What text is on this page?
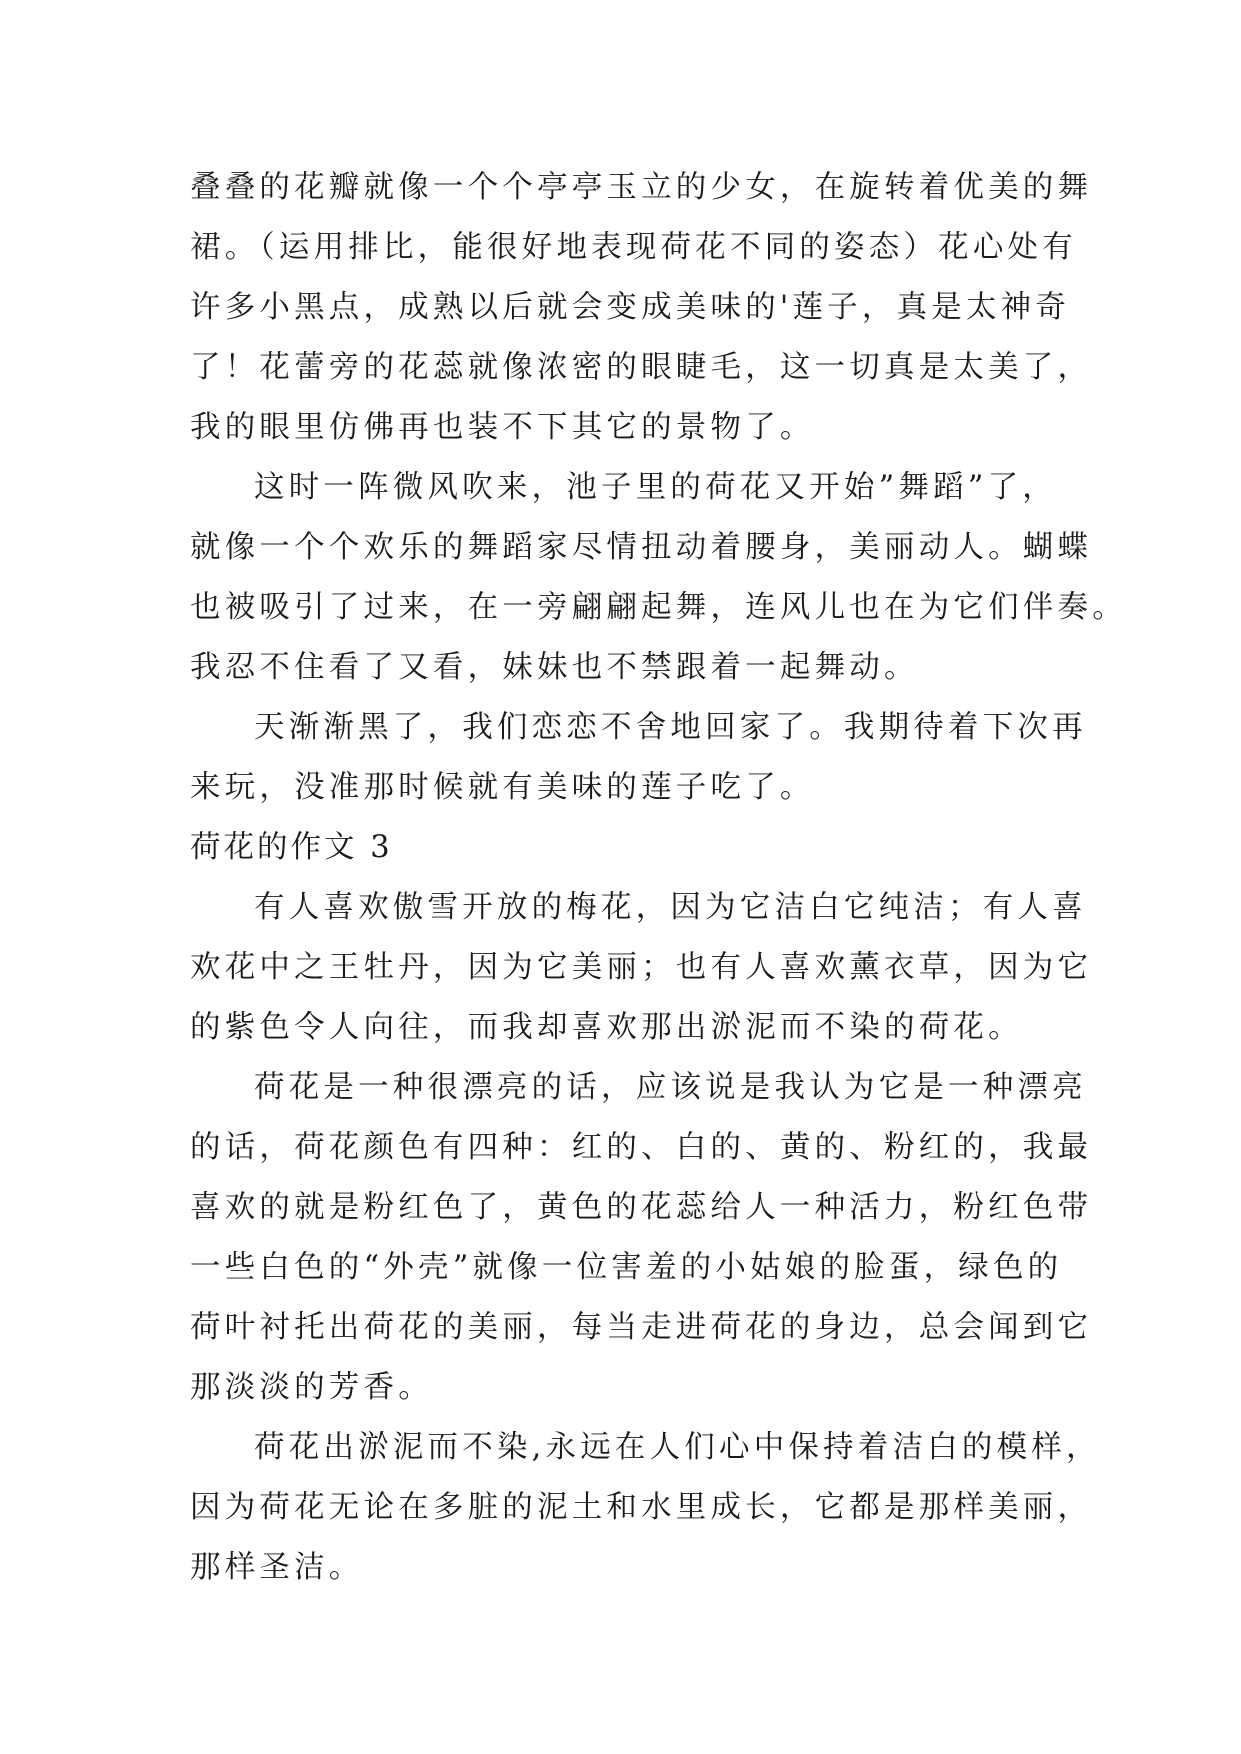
叠叠的花瓣就像一个个亭亭玉立的少女，在旋转着优美的舞
裙。（运用排比，能很好地表现荷花不同的姿态）花心处有
许多小黑点，成熟以后就会变成美味的'莲子，真是太神奇
了！花蕾旁的花蕊就像浓密的眼睫毛，这一切真是太美了，
我的眼里仿佛再也装不下其它的景物了。
这时一阵微风吹来，池子里的荷花又开始”舞蹈”了，
就像一个个欢乐的舞蹈家尽情扭动着腰身，美丽动人。蝴蝶
也被吸引了过来，在一旁翩翩起舞，连风儿也在为它们伴奏。
我忍不住看了又看，妹妹也不禁跟着一起舞动。
天渐渐黑了，我们恋恋不舍地回家了。我期待着下次再
来玩，没准那时候就有美味的莲子吃了。
荷花的作文 3
有人喜欢傲雪开放的梅花，因为它洁白它纯洁；有人喜
欢花中之王牡丹，因为它美丽；也有人喜欢薰衣草，因为它
的紫色令人向往，而我却喜欢那出淤泥而不染的荷花。
荷花是一种很漂亮的话，应该说是我认为它是一种漂亮
的话，荷花颜色有四种：红的、白的、黄的、粉红的，我最
喜欢的就是粉红色了，黄色的花蕊给人一种活力，粉红色带
一些白色的“外壳”就像一位害羞的小姑娘的脸蛋，绿色的
荷叶衬托出荷花的美丽，每当走进荷花的身边，总会闻到它
那淡淡的芳香。
荷花出淤泥而不染,永远在人们心中保持着洁白的模样，
因为荷花无论在多脏的泥土和水里成长，它都是那样美丽，
那样圣洁。
